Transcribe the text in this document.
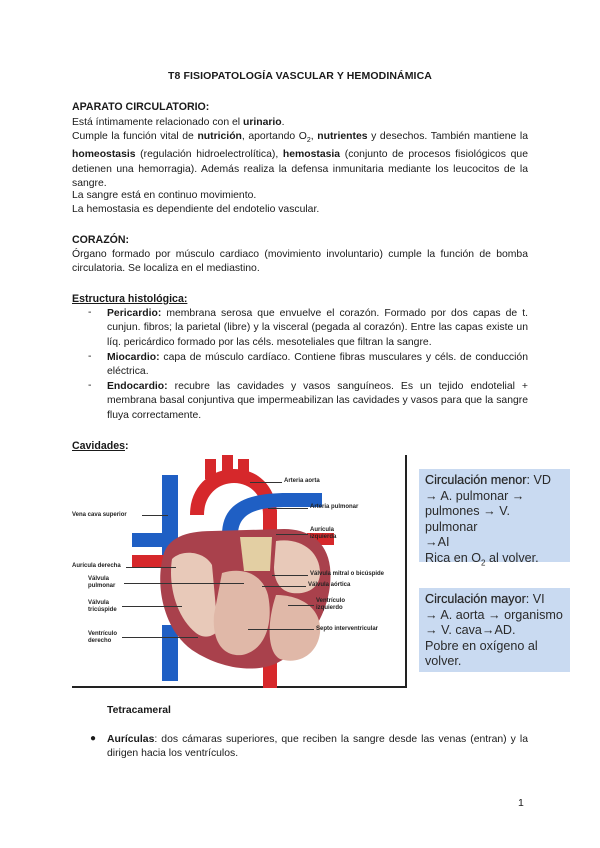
T8 FISIOPATOLOGÍA VASCULAR Y HEMODINÁMICA
APARATO CIRCULATORIO:
Está íntimamente relacionado con el urinario.
Cumple la función vital de nutrición, aportando $O_2$, nutrientes y desechos. También mantiene la homeostasis (regulación hidroelectrolítica), hemostasia (conjunto de procesos fisiológicos que detienen una hemorragia). Además realiza la defensa inmunitaria mediante los leucocitos de la sangre.
La sangre está en continuo movimiento.
La hemostasia es dependiente del endotelio vascular.
CORAZÓN:
Órgano formado por músculo cardiaco (movimiento involuntario) cumple la función de bomba circulatoria. Se localiza en el mediastino.
Estructura histológica:
- Pericardio: membrana serosa que envuelve el corazón. Formado por dos capas de t. cunjun. fibros; la parietal (libre) y la visceral (pegada al corazón). Entre las capas existe un líq. pericárdico formado por las céls. mesoteliales que filtran la sangre.
- Miocardio: capa de músculo cardíaco. Contiene fibras musculares y céls. de conducción eléctrica.
- Endocardio: recubre las cavidades y vasos sanguíneos. Es un tejido endotelial + membrana basal conjuntiva que impermeabilizan las cavidades y vasos para que la sangre fluya correctamente.
Cavidades:
Arteria aorta
Arteria pulmonar
Aurícula izquierda
Vena cava superior
Aurícula derecha
Válvula pulmonar
Válvula mitral o bicúspide
Válvula aórtica
Válvula tricúspide
Ventrículo izquierdo
Ventrículo derecho
Septo interventricular
Circulación menor: VD
→ A. pulmonar →
pulmones → V. pulmonar
→AI
Rica en $O_2$ al volver.
Circulación mayor: VI
→ A. aorta → organismo
→ V. cava→AD.
Pobre en oxígeno al
volver.
Tetracameral
● Aurículas: dos cámaras superiores, que reciben la sangre desde las venas (entran) y la dirigen hacia los ventrículos.
1
